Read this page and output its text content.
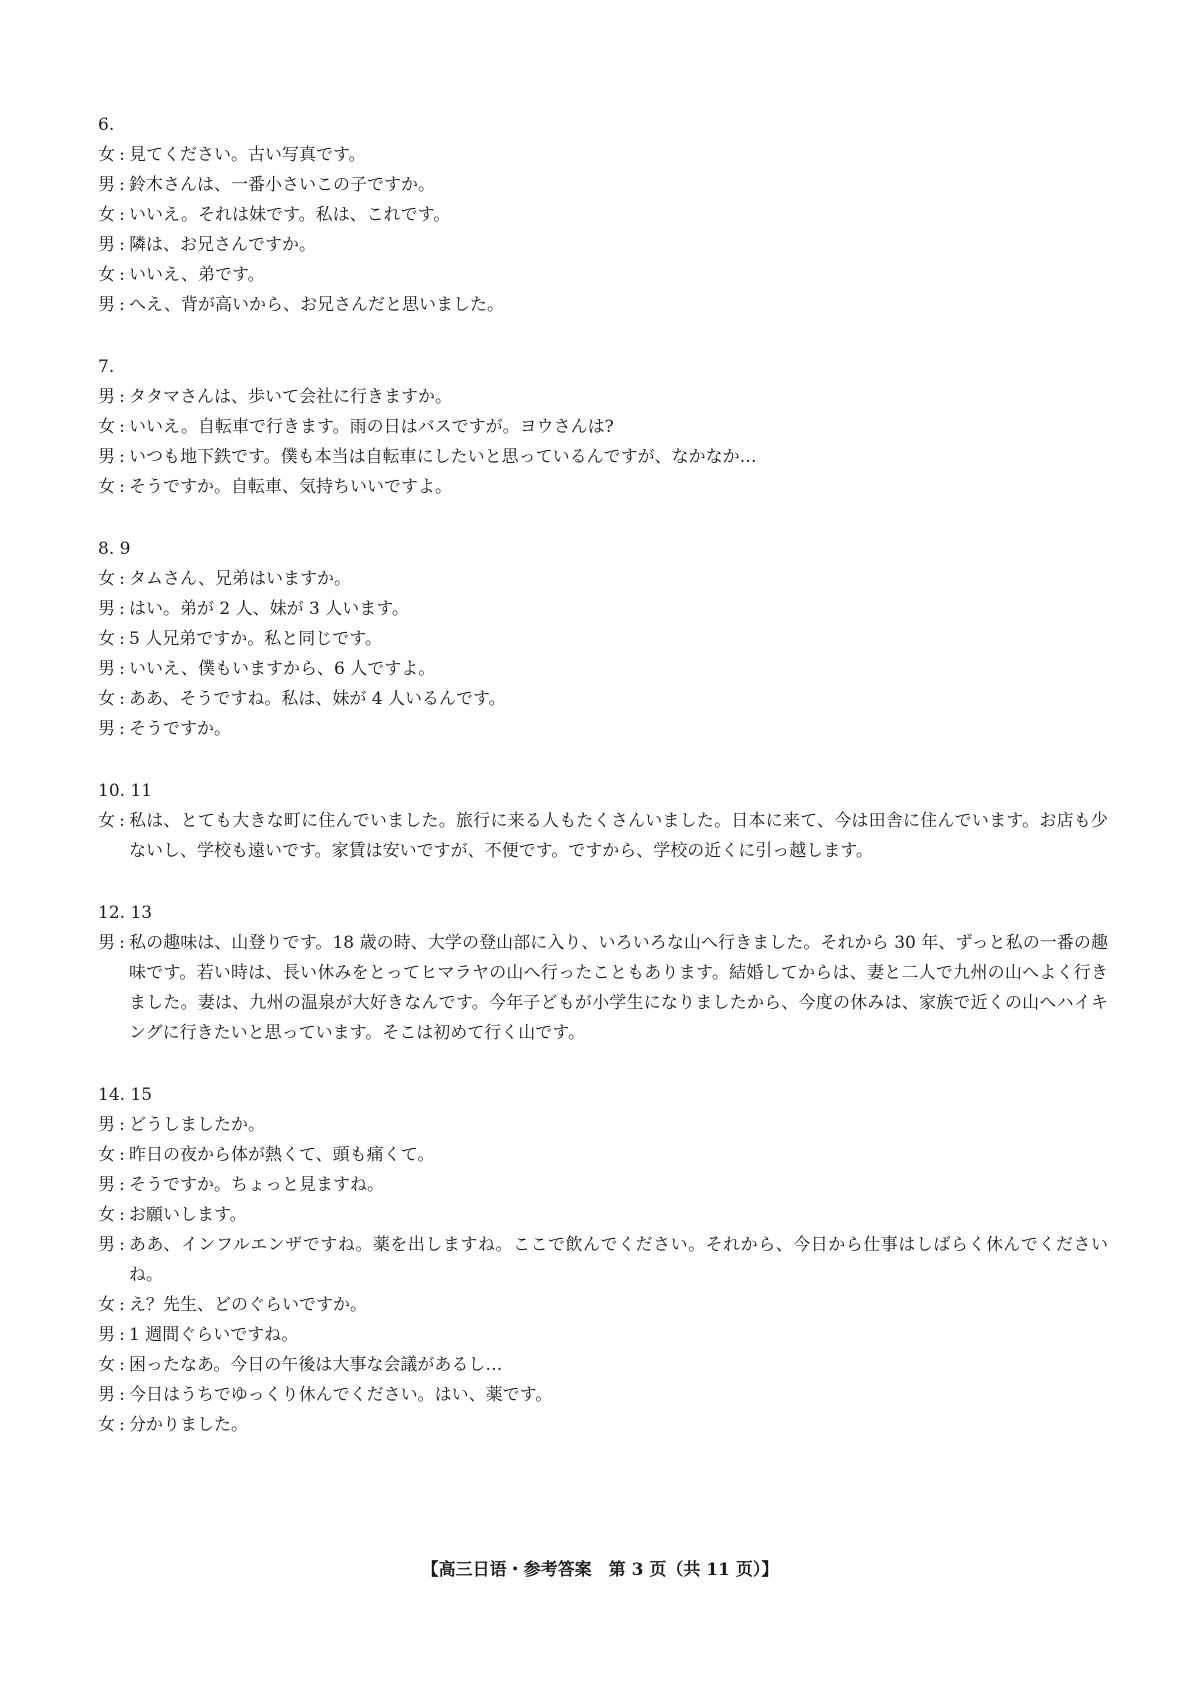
6.
女 : 見てください。古い写真です。
男 : 鈴木さんは、一番小さいこの子ですか。
女 : いいえ。それは妹です。私は、これです。
男 : 隣は、お兄さんですか。
女 : いいえ、弟です。
男 : へえ、背が高いから、お兄さんだと思いました。
7.
男 : タタマさんは、歩いて会社に行きますか。
女 : いいえ。自転車で行きます。雨の日はバスですが。ヨウさんは?
男 : いつも地下鉄です。僕も本当は自転車にしたいと思っているんですが、なかなか…
女 : そうですか。自転車、気持ちいいですよ。
8. 9
女 : タムさん、兄弟はいますか。
男 : はい。弟が 2 人、妹が 3 人います。
女 : 5 人兄弟ですか。私と同じです。
男 : いいえ、僕もいますから、6 人ですよ。
女 : ああ、そうですね。私は、妹が 4 人いるんです。
男 : そうですか。
10. 11
女 : 私は、とても大きな町に住んでいました。旅行に来る人もたくさんいました。日本に来て、今は田舎に住んでいます。お店も少ないし、学校も遠いです。家賃は安いですが、不便です。ですから、学校の近くに引っ越します。
12. 13
男 : 私の趣味は、山登りです。18 歳の時、大学の登山部に入り、いろいろな山へ行きました。それから 30 年、ずっと私の一番の趣味です。若い時は、長い休みをとってヒマラヤの山へ行ったこともあります。結婚してからは、妻と二人で九州の山へよく行きました。妻は、九州の温泉が大好きなんです。今年子どもが小学生になりましたから、今度の休みは、家族で近くの山へハイキングに行きたいと思っています。そこは初めて行く山です。
14. 15
男 : どうしましたか。
女 : 昨日の夜から体が熱くて、頭も痛くて。
男 : そうですか。ちょっと見ますね。
女 : お願いします。
男 : ああ、インフルエンザですね。薬を出しますね。ここで飲んでください。それから、今日から仕事はしばらく休んでくださいね。
女 : え？先生、どのぐらいですか。
男 : 1 週間ぐらいですね。
女 : 困ったなあ。今日の午後は大事な会議があるし…
男 : 今日はうちでゆっくり休んでください。はい、薬です。
女 : 分かりました。
【高三日语・参考答案　第 3 页（共 11 页）】
